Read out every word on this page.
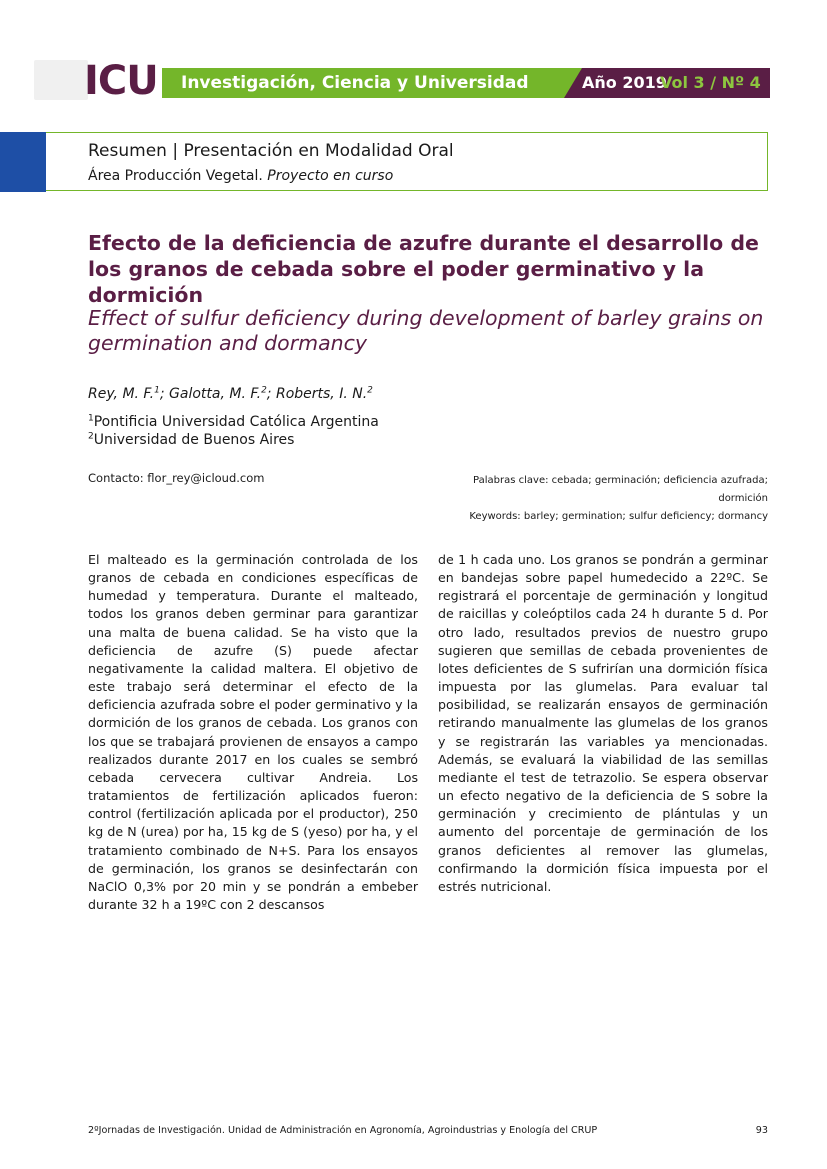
ICU Investigación, Ciencia y Universidad	Año 2019
Vol 3 / Nº 4
Resumen | Presentación en Modalidad Oral
Área Producción Vegetal. Proyecto en curso
Efecto de la deficiencia de azufre durante el desarrollo de los granos de cebada sobre el poder germinativo y la dormición
Effect of sulfur deficiency during development of barley grains on germination and dormancy
Rey, M. F.$^1$; Galotta, M. F.$^2$; Roberts, I. N.$^2$
$^1$Pontificia Universidad Católica Argentina
$^2$Universidad de Buenos Aires
Contacto: flor_rey@icloud.com	Palabras clave: cebada; germinación; deficiencia azufrada; dormición
Keywords: barley; germination; sulfur deficiency; dormancy

El malteado es la germinación controlada de los granos de cebada en condiciones específicas de humedad y temperatura. Durante el malteado, todos los granos deben germinar para garantizar una malta de buena calidad. Se ha visto que la deficiencia de azufre (S) puede afectar negativamente la calidad maltera. El objetivo de este trabajo será determinar el efecto de la deficiencia azufrada sobre el poder germinativo y la dormición de los granos de cebada. Los granos con los que se trabajará provienen de ensayos a campo realizados durante 2017 en los cuales se sembró cebada cervecera cultivar Andreia. Los tratamientos de fertilización aplicados fueron: control (fertilización aplicada por el productor), 250 kg de N (urea) por ha, 15 kg de S (yeso) por ha, y el tratamiento combinado de N+S. Para los ensayos de germinación, los granos se desinfectarán con NaClO 0,3% por 20 min y se pondrán a embeber durante 32 h a 19ºC con 2 descansos

de 1 h cada uno. Los granos se pondrán a germinar en bandejas sobre papel humedecido a 22ºC. Se registrará el porcentaje de germinación y longitud de raicillas y coleóptilos cada 24 h durante 5 d. Por otro lado, resultados previos de nuestro grupo sugieren que semillas de cebada provenientes de lotes deficientes de S sufrirían una dormición física impuesta por las glumelas. Para evaluar tal posibilidad, se realizarán ensayos de germinación retirando manualmente las glumelas de los granos y se registrarán las variables ya mencionadas. Además, se evaluará la viabilidad de las semillas mediante el test de tetrazolio. Se espera observar un efecto negativo de la deficiencia de S sobre la germinación y crecimiento de plántulas y un aumento del porcentaje de germinación de los granos deficientes al remover las glumelas, confirmando la dormición física impuesta por el estrés nutricional.

2ºJornadas de Investigación. Unidad de Administración en Agronomía, Agroindustrias y Enología del CRUP	93
